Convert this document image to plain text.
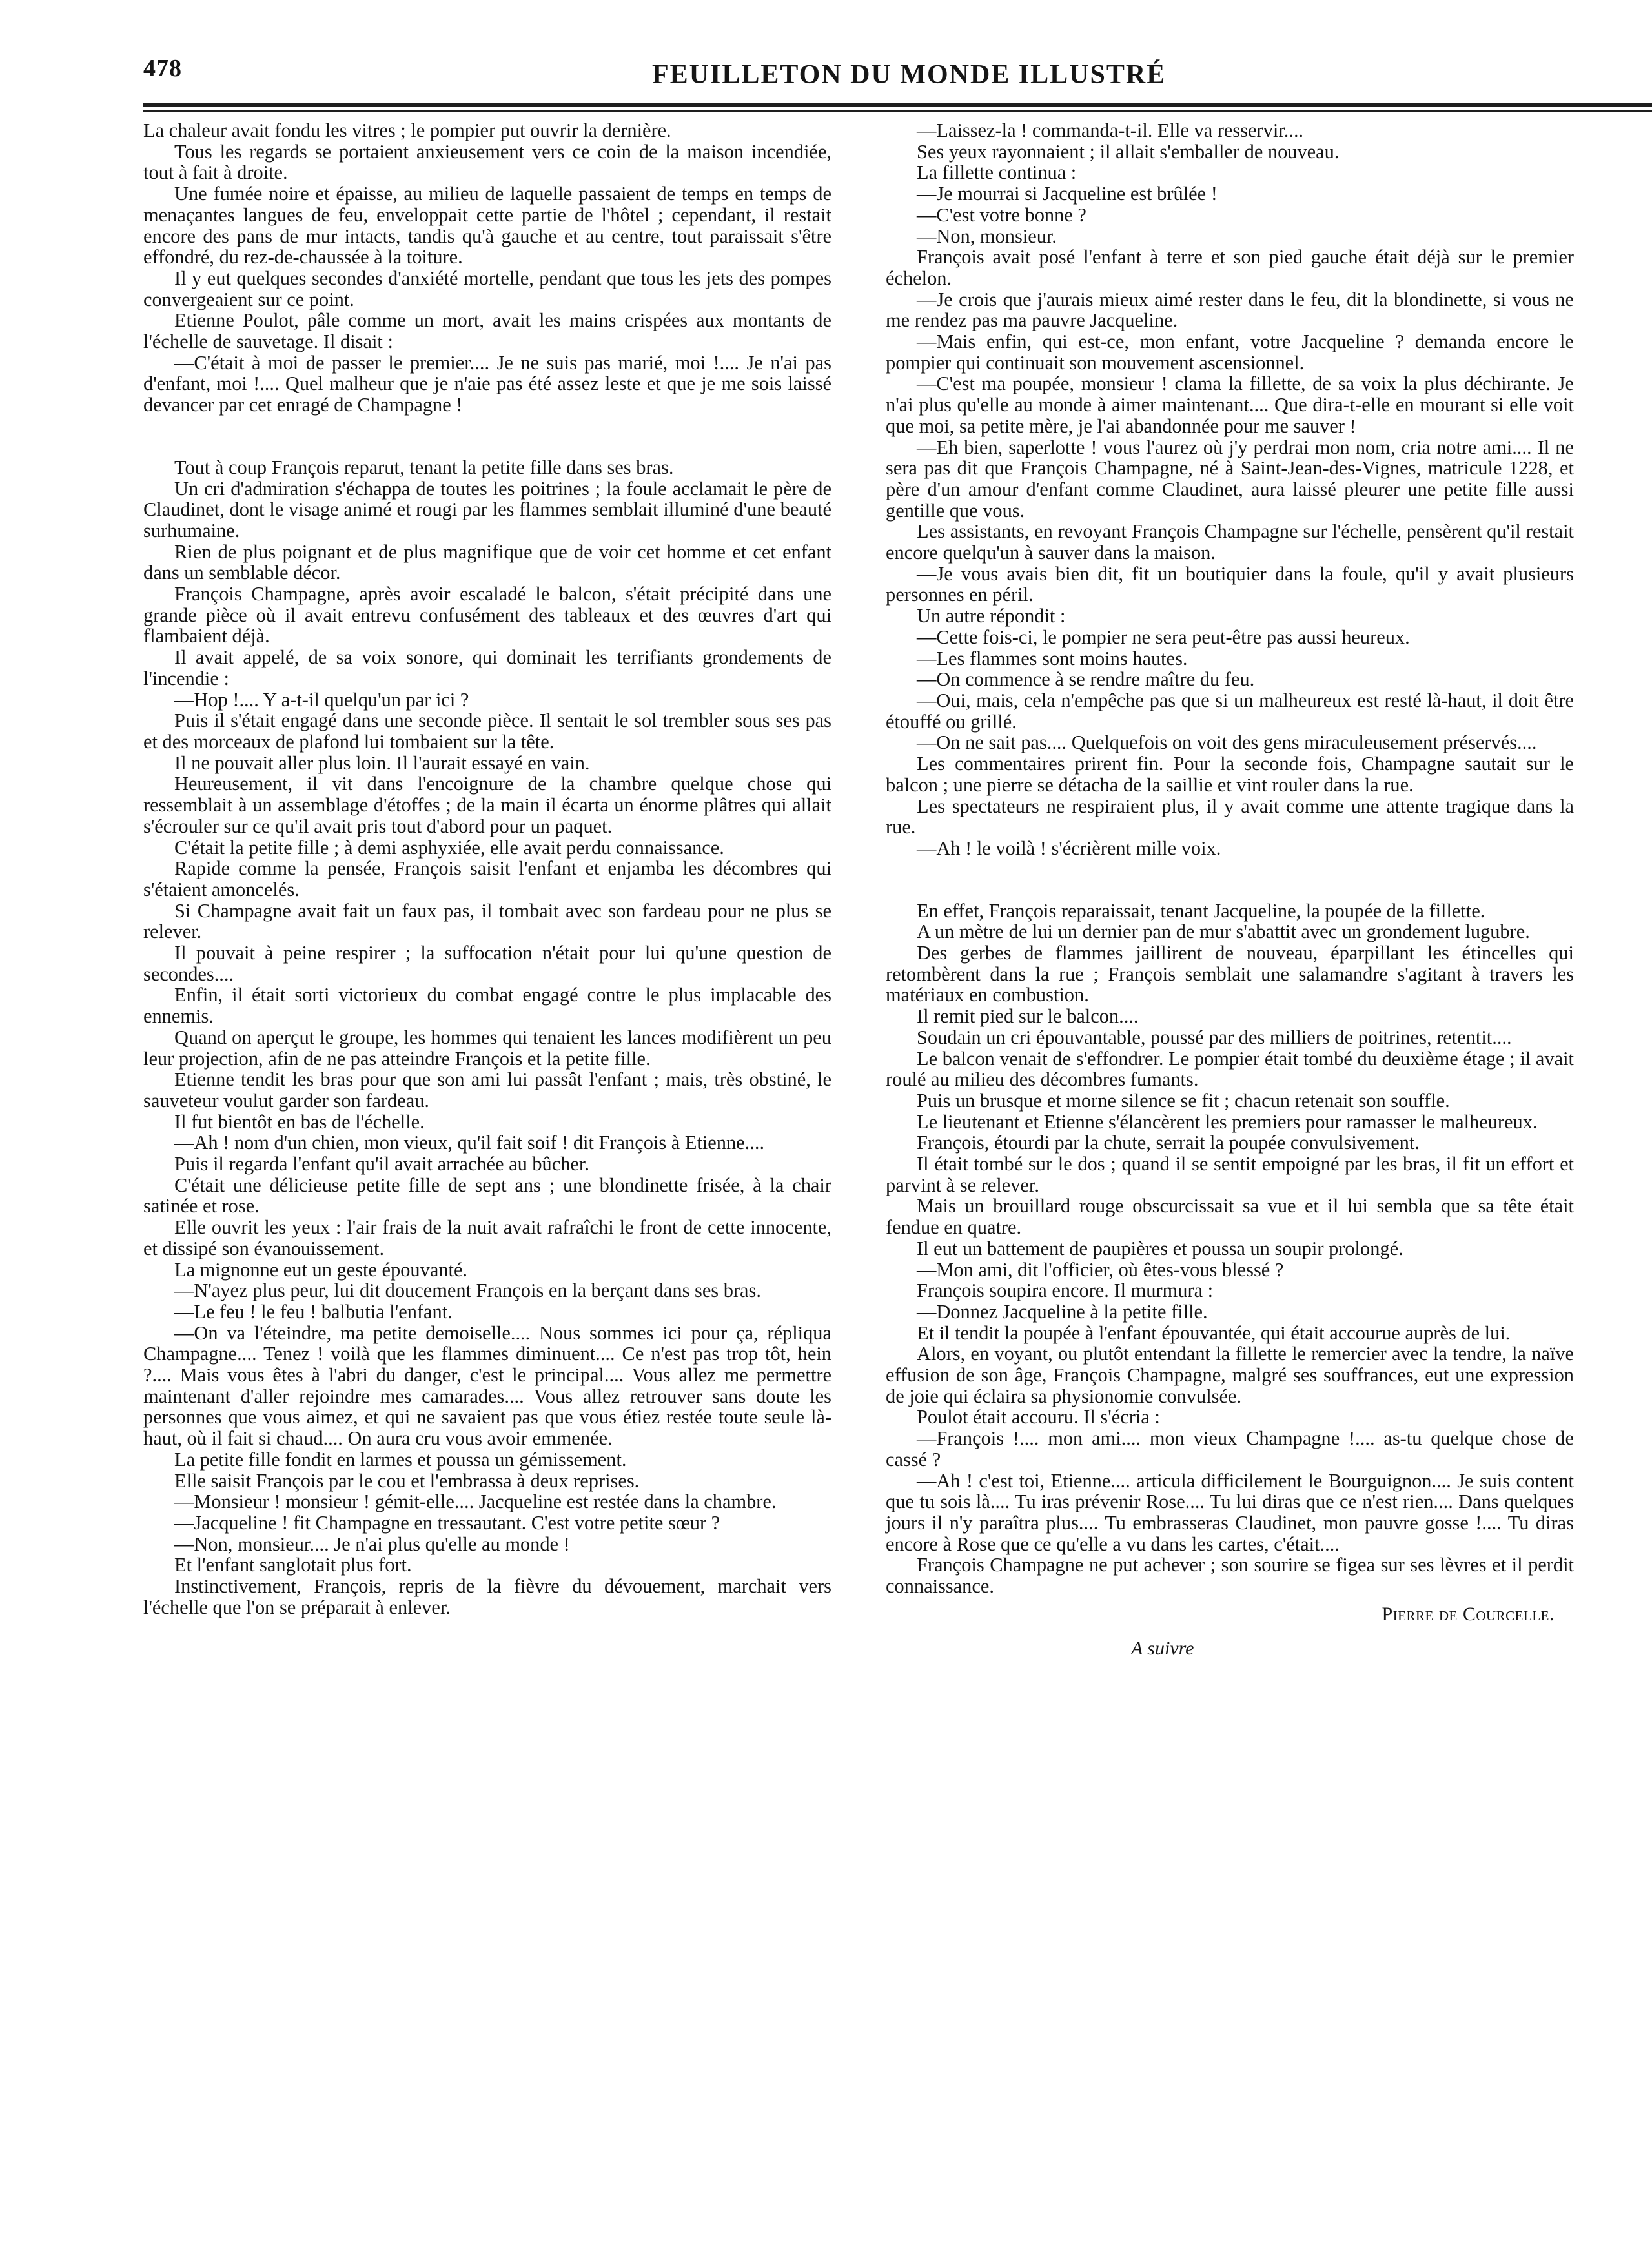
478	FEUILLETON DU MONDE ILLUSTRÉ

La chaleur avait fondu les vitres ; le pompier put ouvrir la dernière.

Tous les regards se portaient anxieusement vers ce coin de la maison incendiée, tout à fait à droite.

Une fumée noire et épaisse, au milieu de laquelle passaient de temps en temps de menaçantes langues de feu, enveloppait cette partie de l'hôtel ; cependant, il restait encore des pans de mur intacts, tandis qu'à gauche et au centre, tout paraissait s'être effondré, du rez-de-chaussée à la toiture.

Il y eut quelques secondes d'anxiété mortelle, pendant que tous les jets des pompes convergeaient sur ce point.

Etienne Poulot, pâle comme un mort, avait les mains crispées aux montants de l'échelle de sauvetage. Il disait :

—C'était à moi de passer le premier.... Je ne suis pas marié, moi !.... Je n'ai pas d'enfant, moi !.... Quel malheur que je n'aie pas été assez leste et que je me sois laissé devancer par cet enragé de Champagne !

Tout à coup François reparut, tenant la petite fille dans ses bras.

Un cri d'admiration s'échappa de toutes les poitrines ; la foule acclamait le père de Claudinet, dont le visage animé et rougi par les flammes semblait illuminé d'une beauté surhumaine.

Rien de plus poignant et de plus magnifique que de voir cet homme et cet enfant dans un semblable décor.

François Champagne, après avoir escaladé le balcon, s'était précipité dans une grande pièce où il avait entrevu confusément des tableaux et des œuvres d'art qui flambaient déjà.

Il avait appelé, de sa voix sonore, qui dominait les terrifiants grondements de l'incendie :

—Hop !.... Y a-t-il quelqu'un par ici ?

Puis il s'était engagé dans une seconde pièce. Il sentait le sol trembler sous ses pas et des morceaux de plafond lui tombaient sur la tête.

Il ne pouvait aller plus loin. Il l'aurait essayé en vain.

Heureusement, il vit dans l'encoignure de la chambre quelque chose qui ressemblait à un assemblage d'étoffes ; de la main il écarta un énorme plâtres qui allait s'écrouler sur ce qu'il avait pris tout d'abord pour un paquet.

C'était la petite fille ; à demi asphyxiée, elle avait perdu connaissance.

Rapide comme la pensée, François saisit l'enfant et enjamba les décombres qui s'étaient amoncelés.

Si Champagne avait fait un faux pas, il tombait avec son fardeau pour ne plus se relever.

Il pouvait à peine respirer ; la suffocation n'était pour lui qu'une question de secondes....

Enfin, il était sorti victorieux du combat engagé contre le plus implacable des ennemis.

Quand on aperçut le groupe, les hommes qui tenaient les lances modifièrent un peu leur projection, afin de ne pas atteindre François et la petite fille.

Etienne tendit les bras pour que son ami lui passât l'enfant ; mais, très obstiné, le sauveteur voulut garder son fardeau.

Il fut bientôt en bas de l'échelle.

—Ah ! nom d'un chien, mon vieux, qu'il fait soif ! dit François à Etienne....

Puis il regarda l'enfant qu'il avait arrachée au bûcher.

C'était une délicieuse petite fille de sept ans ; une blondinette frisée, à la chair satinée et rose.

Elle ouvrit les yeux : l'air frais de la nuit avait rafraîchi le front de cette innocente, et dissipé son évanouissement.

La mignonne eut un geste épouvanté.

—N'ayez plus peur, lui dit doucement François en la berçant dans ses bras.

—Le feu ! le feu ! balbutia l'enfant.

—On va l'éteindre, ma petite demoiselle.... Nous sommes ici pour ça, répliqua Champagne.... Tenez ! voilà que les flammes diminuent.... Ce n'est pas trop tôt, hein ?.... Mais vous êtes à l'abri du danger, c'est le principal.... Vous allez me permettre maintenant d'aller rejoindre mes camarades.... Vous allez retrouver sans doute les personnes que vous aimez, et qui ne savaient pas que vous étiez restée toute seule là-haut, où il fait si chaud.... On aura cru vous avoir emmenée.

La petite fille fondit en larmes et poussa un gémissement.

Elle saisit François par le cou et l'embrassa à deux reprises.

—Monsieur ! monsieur ! gémit-elle.... Jacqueline est restée dans la chambre.

—Jacqueline ! fit Champagne en tressautant. C'est votre petite sœur ?

—Non, monsieur.... Je n'ai plus qu'elle au monde !

Et l'enfant sanglotait plus fort.

Instinctivement, François, repris de la fièvre du dévouement, marchait vers l'échelle que l'on se préparait à enlever.

—Laissez-la ! commanda-t-il. Elle va resservir....

Ses yeux rayonnaient ; il allait s'emballer de nouveau.

La fillette continua :

—Je mourrai si Jacqueline est brûlée !

—C'est votre bonne ?

—Non, monsieur.

François avait posé l'enfant à terre et son pied gauche était déjà sur le premier échelon.

—Je crois que j'aurais mieux aimé rester dans le feu, dit la blondinette, si vous ne me rendez pas ma pauvre Jacqueline.

—Mais enfin, qui est-ce, mon enfant, votre Jacqueline ? demanda encore le pompier qui continuait son mouvement ascensionnel.

—C'est ma poupée, monsieur ! clama la fillette, de sa voix la plus déchirante. Je n'ai plus qu'elle au monde à aimer maintenant.... Que dira-t-elle en mourant si elle voit que moi, sa petite mère, je l'ai abandonnée pour me sauver !

—Eh bien, saperlotte ! vous l'aurez où j'y perdrai mon nom, cria notre ami.... Il ne sera pas dit que François Champagne, né à Saint-Jean-des-Vignes, matricule 1228, et père d'un amour d'enfant comme Claudinet, aura laissé pleurer une petite fille aussi gentille que vous.

Les assistants, en revoyant François Champagne sur l'échelle, pensèrent qu'il restait encore quelqu'un à sauver dans la maison.

—Je vous avais bien dit, fit un boutiquier dans la foule, qu'il y avait plusieurs personnes en péril.

Un autre répondit :

—Cette fois-ci, le pompier ne sera peut-être pas aussi heureux.

—Les flammes sont moins hautes.

—On commence à se rendre maître du feu.

—Oui, mais, cela n'empêche pas que si un malheureux est resté là-haut, il doit être étouffé ou grillé.

—On ne sait pas.... Quelquefois on voit des gens miraculeusement préservés....

Les commentaires prirent fin. Pour la seconde fois, Champagne sautait sur le balcon ; une pierre se détacha de la saillie et vint rouler dans la rue.

Les spectateurs ne respiraient plus, il y avait comme une attente tragique dans la rue.

—Ah ! le voilà ! s'écrièrent mille voix.

En effet, François reparaissait, tenant Jacqueline, la poupée de la fillette.

A un mètre de lui un dernier pan de mur s'abattit avec un grondement lugubre.

Des gerbes de flammes jaillirent de nouveau, éparpillant les étincelles qui retombèrent dans la rue ; François semblait une salamandre s'agitant à travers les matériaux en combustion.

Il remit pied sur le balcon....

Soudain un cri épouvantable, poussé par des milliers de poitrines, retentit....

Le balcon venait de s'effondrer. Le pompier était tombé du deuxième étage ; il avait roulé au milieu des décombres fumants.

Puis un brusque et morne silence se fit ; chacun retenait son souffle.

Le lieutenant et Etienne s'élancèrent les premiers pour ramasser le malheureux.

François, étourdi par la chute, serrait la poupée convulsivement.

Il était tombé sur le dos ; quand il se sentit empoigné par les bras, il fit un effort et parvint à se relever.

Mais un brouillard rouge obscurcissait sa vue et il lui sembla que sa tête était fendue en quatre.

Il eut un battement de paupières et poussa un soupir prolongé.

—Mon ami, dit l'officier, où êtes-vous blessé ?

François soupira encore. Il murmura :

—Donnez Jacqueline à la petite fille.

Et il tendit la poupée à l'enfant épouvantée, qui était accourue auprès de lui.

Alors, en voyant, ou plutôt entendant la fillette le remercier avec la tendre, la naïve effusion de son âge, François Champagne, malgré ses souffrances, eut une expression de joie qui éclaira sa physionomie convulsée.

Poulot était accouru. Il s'écria :

—François !.... mon ami.... mon vieux Champagne !.... as-tu quelque chose de cassé ?

—Ah ! c'est toi, Etienne.... articula difficilement le Bourguignon.... Je suis content que tu sois là.... Tu iras prévenir Rose.... Tu lui diras que ce n'est rien.... Dans quelques jours il n'y paraîtra plus.... Tu embrasseras Claudinet, mon pauvre gosse !.... Tu diras encore à Rose que ce qu'elle a vu dans les cartes, c'était....

François Champagne ne put achever ; son sourire se figea sur ses lèvres et il perdit connaissance.

Pierre de Courcelle.
A suivre
